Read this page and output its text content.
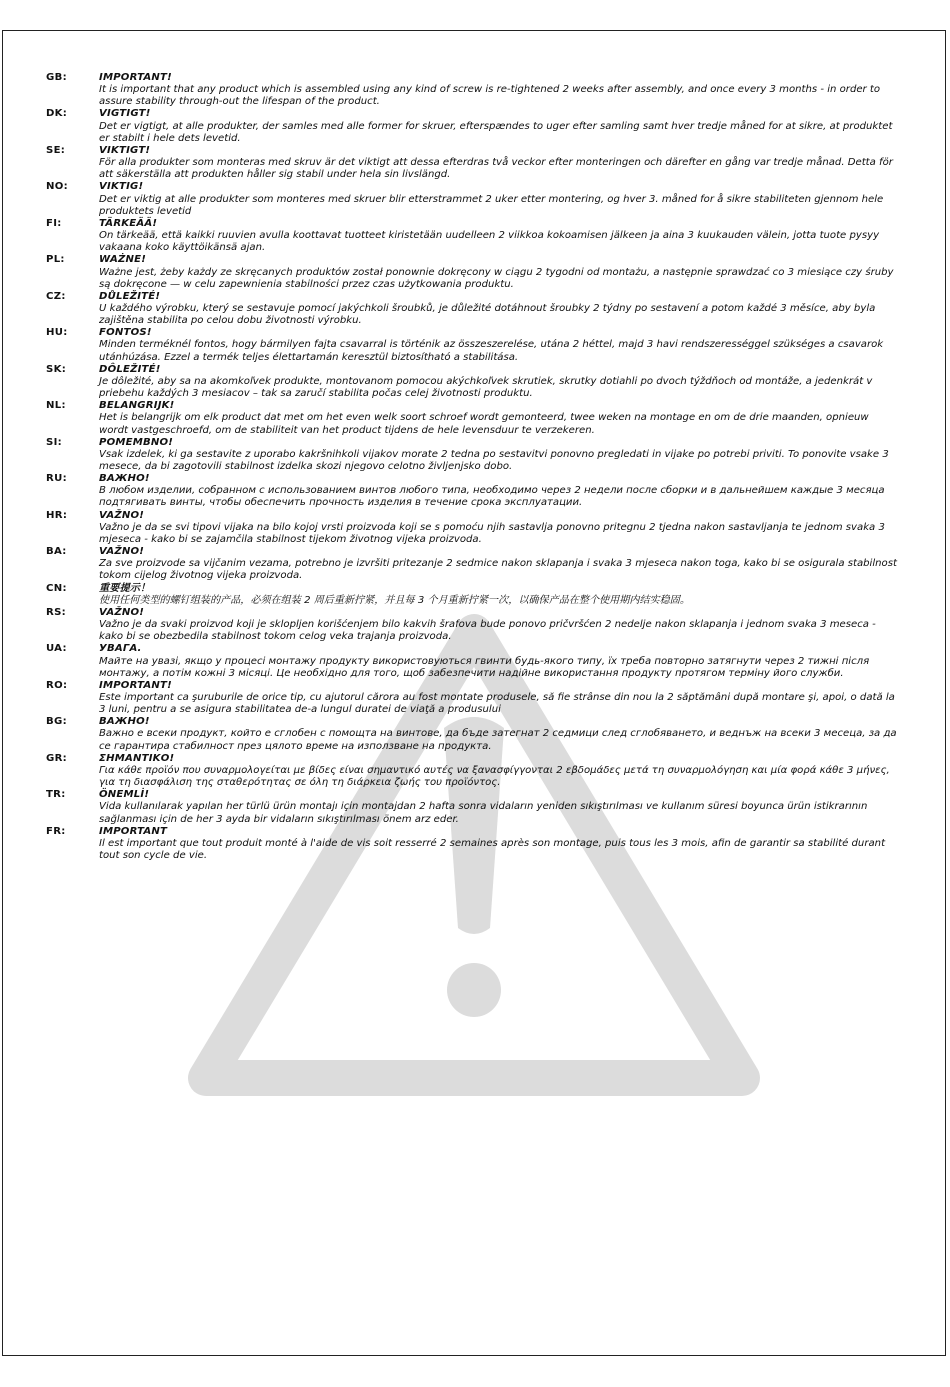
GB:	IMPORTANT!
It is important that any product which is assembled using any kind of screw is re-tightened 2 weeks after assembly, and once every 3 months - in order to assure stability through-out the lifespan of the product.
DK:	VIGTIGT!
Det er vigtigt, at alle produkter, der samles med alle former for skruer, efterspændes to uger efter samling samt hver tredje måned for at sikre, at produktet er stabilt i hele dets levetid.
SE:	VIKTIGT!
För alla produkter som monteras med skruv är det viktigt att dessa efterdras två veckor efter monteringen och därefter en gång var tredje månad. Detta för att säkerställa att produkten håller sig stabil under hela sin livslängd.
NO:	VIKTIG!
Det er viktig at alle produkter som monteres med skruer blir etterstrammet 2 uker etter montering, og hver 3. måned for å sikre stabiliteten gjennom hele produktets levetid
FI:	TÄRKEÄÄ!
On tärkeää, että kaikki ruuvien avulla koottavat tuotteet kiristetään uudelleen 2 viikkoa kokoamisen jälkeen ja aina 3 kuukauden välein, jotta tuote pysyy vakaana koko käyttöikänsä ajan.
PL:	WAŻNE!
Ważne jest, żeby każdy ze skręcanych produktów został ponownie dokręcony w ciągu 2 tygodni od montażu, a następnie sprawdzać co 3 miesiące czy śruby są dokręcone — w celu zapewnienia stabilności przez czas użytkowania produktu.
CZ:	DŮLEŽITÉ!
U každého výrobku, který se sestavuje pomocí jakýchkoli šroubků, je důležité dotáhnout šroubky 2 týdny po sestavení a potom každé 3 měsíce, aby byla zajištěna stabilita po celou dobu životnosti výrobku.
HU:	FONTOS!
Minden terméknél fontos, hogy bármilyen fajta csavarral is történik az összeszerelése, utána 2 héttel, majd 3 havi rendszerességgel szükséges a csavarok utánhúzása. Ezzel a termék teljes élettartamán keresztül biztosítható a stabilitása.
SK:	DÔLEŽITÉ!
Je dôležité, aby sa na akomkoľvek produkte, montovanom pomocou akýchkoľvek skrutiek, skrutky dotiahli po dvoch týždňoch od montáže, a jedenkrát v priebehu každých 3 mesiacov – tak sa zaručí stabilita počas celej životnosti produktu.
NL:	BELANGRIJK!
Het is belangrijk om elk product dat met om het even welk soort schroef wordt gemonteerd, twee weken na montage en om de drie maanden, opnieuw wordt vastgeschroefd, om de stabiliteit van het product tijdens de hele levensduur te verzekeren.
SI:	POMEMBNO!
Vsak izdelek, ki ga sestavite z uporabo kakršnihkoli vijakov morate 2 tedna po sestavitvi ponovno pregledati in vijake po potrebi priviti. To ponovite vsake 3 mesece, da bi zagotovili stabilnost izdelka skozi njegovo celotno življenjsko dobo.
RU:	ВАЖНО!
В любом изделии, собранном с использованием винтов любого типа, необходимо через 2 недели после сборки и в дальнейшем каждые 3 месяца подтягивать винты, чтобы обеспечить прочность изделия в течение срока эксплуатации.
HR:	VAŽNO!
Važno je da se svi tipovi vijaka na bilo kojoj vrsti proizvoda koji se s pomoću njih sastavlja ponovno pritegnu 2 tjedna nakon sastavljanja te jednom svaka 3 mjeseca - kako bi se zajamčila stabilnost tijekom životnog vijeka proizvoda.
BA:	VAŽNO!
Za sve proizvode sa vijčanim vezama, potrebno je izvršiti pritezanje 2 sedmice nakon sklapanja i svaka 3 mjeseca nakon toga, kako bi se osigurala stabilnost tokom cijelog životnog vijeka proizvoda.
CN:	重要提示！
使用任何类型的螺钉组装的产品，必须在组装 2 周后重新拧紧，并且每 3 个月重新拧紧一次，以确保产品在整个使用期内结实稳固。
RS:	VAŽNO!
Važno je da svaki proizvod koji je sklopljen korišćenjem bilo kakvih šrafova bude ponovo pričvršćen 2 nedelje nakon sklapanja i jednom svaka 3 meseca - kako bi se obezbedila stabilnost tokom celog veka trajanja proizvoda.
UA:	УВАГА.
Майте на увазі, якщо у процесі монтажу продукту використовуються гвинти будь-якого типу, їх треба повторно затягнути через 2 тижні після монтажу, а потім кожні 3 місяці. Це необхідно для того, щоб забезпечити надійне використання продукту протягом терміну його служби.
RO:	IMPORTANT!
Este important ca şuruburile de orice tip, cu ajutorul cărora au fost montate produsele, să fie strânse din nou la 2 săptămâni după montare şi, apoi, o dată la 3 luni, pentru a se asigura stabilitatea de-a lungul duratei de viaţă a produsului
BG:	ВАЖНО!
Важно е всеки продукт, който е сглобен с помощта на винтове, да бъде затегнат 2 седмици след сглобяването, и веднъж на всеки 3 месеца, за да се гарантира стабилност през цялото време на използване на продукта.
GR:	ΣΗΜΑΝΤΙΚΟ!
Για κάθε προϊόν που συναρμολογείται με βίδες είναι σημαντικό αυτές να ξανασφίγγονται 2 εβδομάδες μετά τη συναρμολόγηση και μία φορά κάθε 3 μήνες, για τη διασφάλιση της σταθερότητας σε όλη τη διάρκεια ζωής του προϊόντος.
TR:	ÖNEMLİ!
Vida kullanılarak yapılan her türlü ürün montajı için montajdan 2 hafta sonra vidaların yeniden sıkıştırılması ve kullanım süresi boyunca ürün istikrarının sağlanması için de her 3 ayda bir vidaların sıkıştırılması önem arz eder.
FR:	IMPORTANT
Il est important que tout produit monté à l'aide de vis soit resserré 2 semaines après son montage, puis tous les 3 mois, afin de garantir sa stabilité durant tout son cycle de vie.
